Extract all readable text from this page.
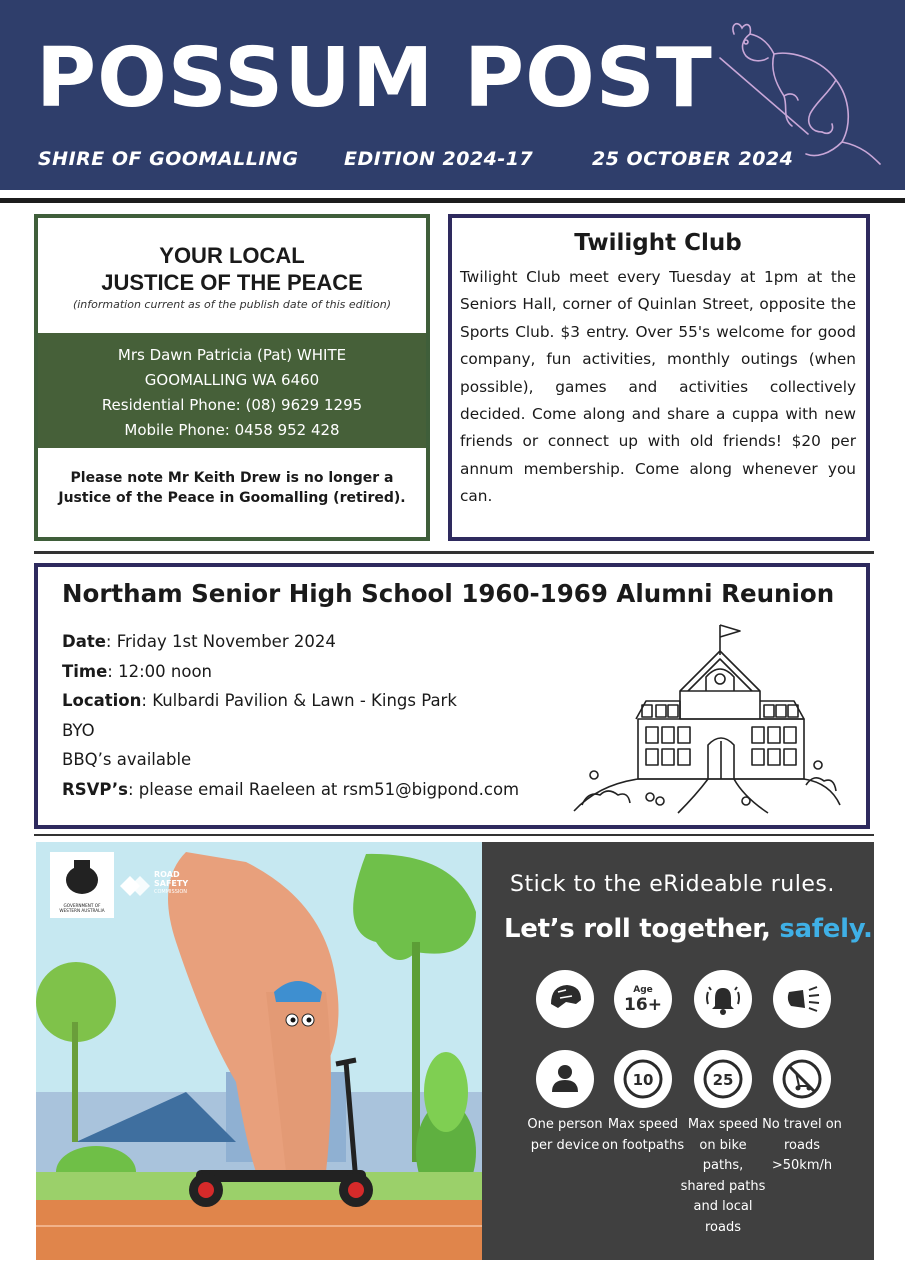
POSSUM POST
SHIRE OF GOOMALLING EDITION 2024-17	25 OCTOBER 2024
YOUR LOCAL
JUSTICE OF THE PEACE
(information current as of the publish date of this edition)
Mrs Dawn Patricia (Pat) WHITE
GOOMALLING WA 6460
Residential Phone: (08) 9629 1295
Mobile Phone: 0458 952 428
Please note Mr Keith Drew is no longer a Justice of the Peace in Goomalling (retired).
Twilight Club
Twilight Club meet every Tuesday at 1pm at the Seniors Hall, corner of Quinlan Street, opposite the Sports Club. $3 entry. Over 55's welcome for good company, fun activities, monthly outings (when possible), games and activities collectively decided. Come along and share a cuppa with new friends or connect up with old friends! $20 per annum membership. Come along whenever you can.
Northam Senior High School 1960-1969 Alumni Reunion
Date: Friday 1st November 2024
Time: 12:00 noon
Location: Kulbardi Pavilion & Lawn - Kings Park
BYO
BBQ’s available
RSVP’s: please email Raeleen at rsm51@bigpond.com
GOVERNMENT OF
WESTERN AUSTRALIA
ROAD
SAFETY
COMMISSION	Stick to the eRideable rules.
Let’s roll together, safely.
Age
16+
10	25
One person per device
Max speed on footpaths
Max speed on bike paths, shared paths and local roads
No travel on roads >50km/h
